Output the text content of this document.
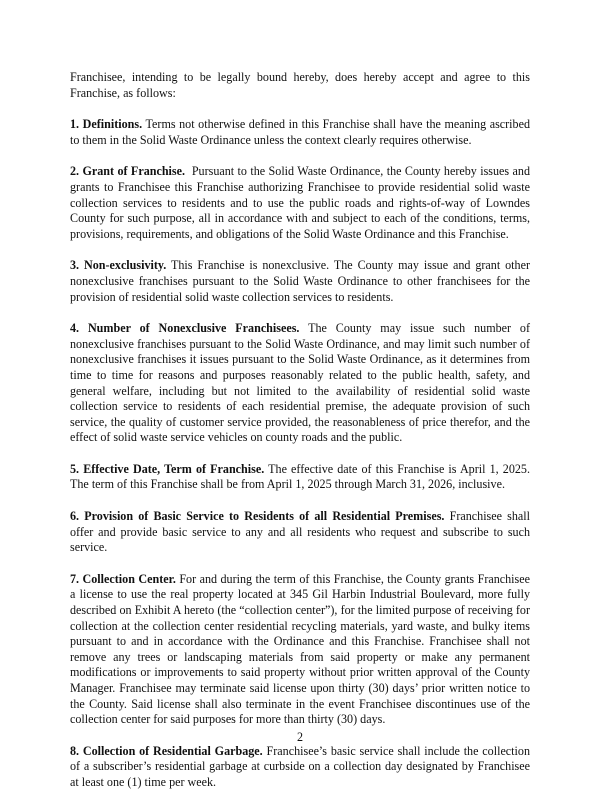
Franchisee, intending to be legally bound hereby, does hereby accept and agree to this Franchise, as follows:

1. Definitions. Terms not otherwise defined in this Franchise shall have the meaning ascribed to them in the Solid Waste Ordinance unless the context clearly requires otherwise.

2. Grant of Franchise. Pursuant to the Solid Waste Ordinance, the County hereby issues and grants to Franchisee this Franchise authorizing Franchisee to provide residential solid waste collection services to residents and to use the public roads and rights-of-way of Lowndes County for such purpose, all in accordance with and subject to each of the conditions, terms, provisions, requirements, and obligations of the Solid Waste Ordinance and this Franchise.

3. Non-exclusivity. This Franchise is nonexclusive. The County may issue and grant other nonexclusive franchises pursuant to the Solid Waste Ordinance to other franchisees for the provision of residential solid waste collection services to residents.

4. Number of Nonexclusive Franchisees. The County may issue such number of nonexclusive franchises pursuant to the Solid Waste Ordinance, and may limit such number of nonexclusive franchises it issues pursuant to the Solid Waste Ordinance, as it determines from time to time for reasons and purposes reasonably related to the public health, safety, and general welfare, including but not limited to the availability of residential solid waste collection service to residents of each residential premise, the adequate provision of such service, the quality of customer service provided, the reasonableness of price therefor, and the effect of solid waste service vehicles on county roads and the public.

5. Effective Date, Term of Franchise. The effective date of this Franchise is April 1, 2025. The term of this Franchise shall be from April 1, 2025 through March 31, 2026, inclusive.

6. Provision of Basic Service to Residents of all Residential Premises. Franchisee shall offer and provide basic service to any and all residents who request and subscribe to such service.

7. Collection Center. For and during the term of this Franchise, the County grants Franchisee a license to use the real property located at 345 Gil Harbin Industrial Boulevard, more fully described on Exhibit A hereto (the “collection center”), for the limited purpose of receiving for collection at the collection center residential recycling materials, yard waste, and bulky items pursuant to and in accordance with the Ordinance and this Franchise. Franchisee shall not remove any trees or landscaping materials from said property or make any permanent modifications or improvements to said property without prior written approval of the County Manager. Franchisee may terminate said license upon thirty (30) days’ prior written notice to the County. Said license shall also terminate in the event Franchisee discontinues use of the collection center for said purposes for more than thirty (30) days.

8. Collection of Residential Garbage. Franchisee’s basic service shall include the collection of a subscriber’s residential garbage at curbside on a collection day designated by Franchisee at least one (1) time per week.

2
